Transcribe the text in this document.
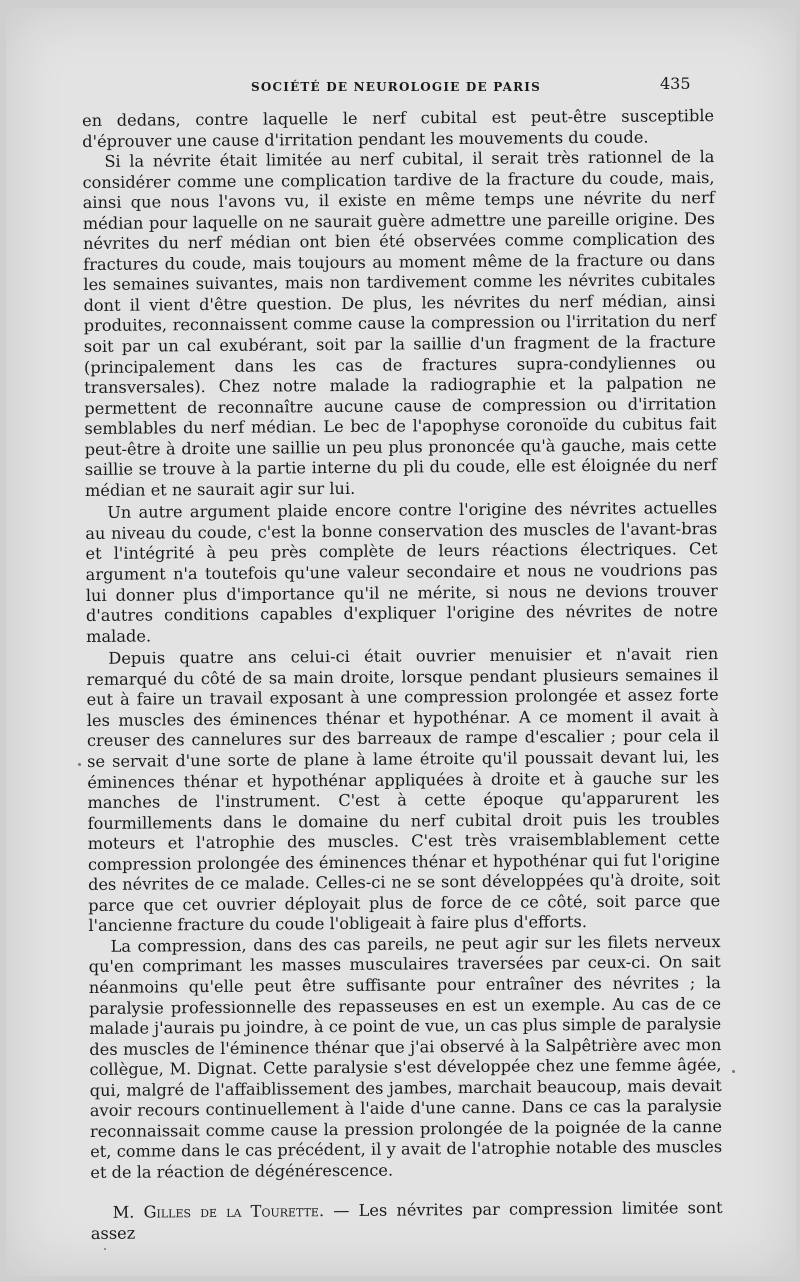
SOCIÉTÉ DE NEUROLOGIE DE PARIS	435

en dedans, contre laquelle le nerf cubital est peut-être susceptible d'éprouver une cause d'irritation pendant les mouvements du coude.

Si la névrite était limitée au nerf cubital, il serait très rationnel de la considérer comme une complication tardive de la fracture du coude, mais, ainsi que nous l'avons vu, il existe en même temps une névrite du nerf médian pour laquelle on ne saurait guère admettre une pareille origine. Des névrites du nerf médian ont bien été observées comme complication des fractures du coude, mais toujours au moment même de la fracture ou dans les semaines suivantes, mais non tardivement comme les névrites cubitales dont il vient d'être question. De plus, les névrites du nerf médian, ainsi produites, reconnaissent comme cause la compression ou l'irritation du nerf soit par un cal exubérant, soit par la saillie d'un fragment de la fracture (principalement dans les cas de fractures supra-condyliennes ou transversales). Chez notre malade la radiographie et la palpation ne permettent de reconnaître aucune cause de compression ou d'irritation semblables du nerf médian. Le bec de l'apophyse coronoïde du cubitus fait peut-être à droite une saillie un peu plus prononcée qu'à gauche, mais cette saillie se trouve à la partie interne du pli du coude, elle est éloignée du nerf médian et ne saurait agir sur lui.

Un autre argument plaide encore contre l'origine des névrites actuelles au niveau du coude, c'est la bonne conservation des muscles de l'avant-bras et l'intégrité à peu près complète de leurs réactions électriques. Cet argument n'a toutefois qu'une valeur secondaire et nous ne voudrions pas lui donner plus d'importance qu'il ne mérite, si nous ne devions trouver d'autres conditions capables d'expliquer l'origine des névrites de notre malade.

Depuis quatre ans celui-ci était ouvrier menuisier et n'avait rien remarqué du côté de sa main droite, lorsque pendant plusieurs semaines il eut à faire un travail exposant à une compression prolongée et assez forte les muscles des éminences thénar et hypothénar. A ce moment il avait à creuser des cannelures sur des barreaux de rampe d'escalier ; pour cela il se servait d'une sorte de plane à lame étroite qu'il poussait devant lui, les éminences thénar et hypothénar appliquées à droite et à gauche sur les manches de l'instrument. C'est à cette époque qu'apparurent les fourmillements dans le domaine du nerf cubital droit puis les troubles moteurs et l'atrophie des muscles. C'est très vraisemblablement cette compression prolongée des éminences thénar et hypothénar qui fut l'origine des névrites de ce malade. Celles-ci ne se sont développées qu'à droite, soit parce que cet ouvrier déployait plus de force de ce côté, soit parce que l'ancienne fracture du coude l'obligeait à faire plus d'efforts.

La compression, dans des cas pareils, ne peut agir sur les filets nerveux qu'en comprimant les masses musculaires traversées par ceux-ci. On sait néanmoins qu'elle peut être suffisante pour entraîner des névrites ; la paralysie professionnelle des repasseuses en est un exemple. Au cas de ce malade j'aurais pu joindre, à ce point de vue, un cas plus simple de paralysie des muscles de l'éminence thénar que j'ai observé à la Salpêtrière avec mon collègue, M. Dignat. Cette paralysie s'est développée chez une femme âgée, qui, malgré de l'affaiblissement des jambes, marchait beaucoup, mais devait avoir recours continuellement à l'aide d'une canne. Dans ce cas la paralysie reconnaissait comme cause la pression prolongée de la poignée de la canne et, comme dans le cas précédent, il y avait de l'atrophie notable des muscles et de la réaction de dégénérescence.

M. Gilles de la Tourette. — Les névrites par compression limitée sont assez
